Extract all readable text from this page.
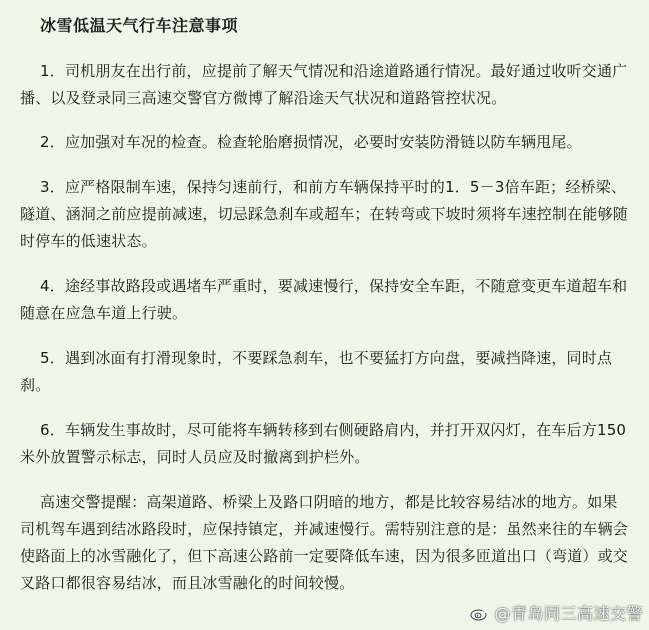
冰雪低温天气行车注意事项

1．司机朋友在出行前，应提前了解天气情况和沿途道路通行情况。最好通过收听交通广播、以及登录同三高速交警官方微博了解沿途天气状况和道路管控状况。

2．应加强对车况的检查。检查轮胎磨损情况，必要时安装防滑链以防车辆甩尾。

3．应严格限制车速，保持匀速前行，和前方车辆保持平时的1．5－3倍车距；经桥梁、隧道、涵洞之前应提前减速，切忌踩急刹车或超车；在转弯或下坡时须将车速控制在能够随时停车的低速状态。

4．途经事故路段或遇堵车严重时，要减速慢行，保持安全车距，不随意变更车道超车和随意在应急车道上行驶。

5．遇到冰面有打滑现象时，不要踩急刹车，也不要猛打方向盘，要减挡降速，同时点刹。

6．车辆发生事故时，尽可能将车辆转移到右侧硬路肩内，并打开双闪灯，在车后方150米外放置警示标志，同时人员应及时撤离到护栏外。

高速交警提醒：高架道路、桥梁上及路口阴暗的地方，都是比较容易结冰的地方。如果司机驾车遇到结冰路段时，应保持镇定，并减速慢行。需特别注意的是：虽然来往的车辆会使路面上的冰雪融化了，但下高速公路前一定要降低车速，因为很多匝道出口（弯道）或交叉路口都很容易结冰，而且冰雪融化的时间较慢。

@青岛同三高速交警
